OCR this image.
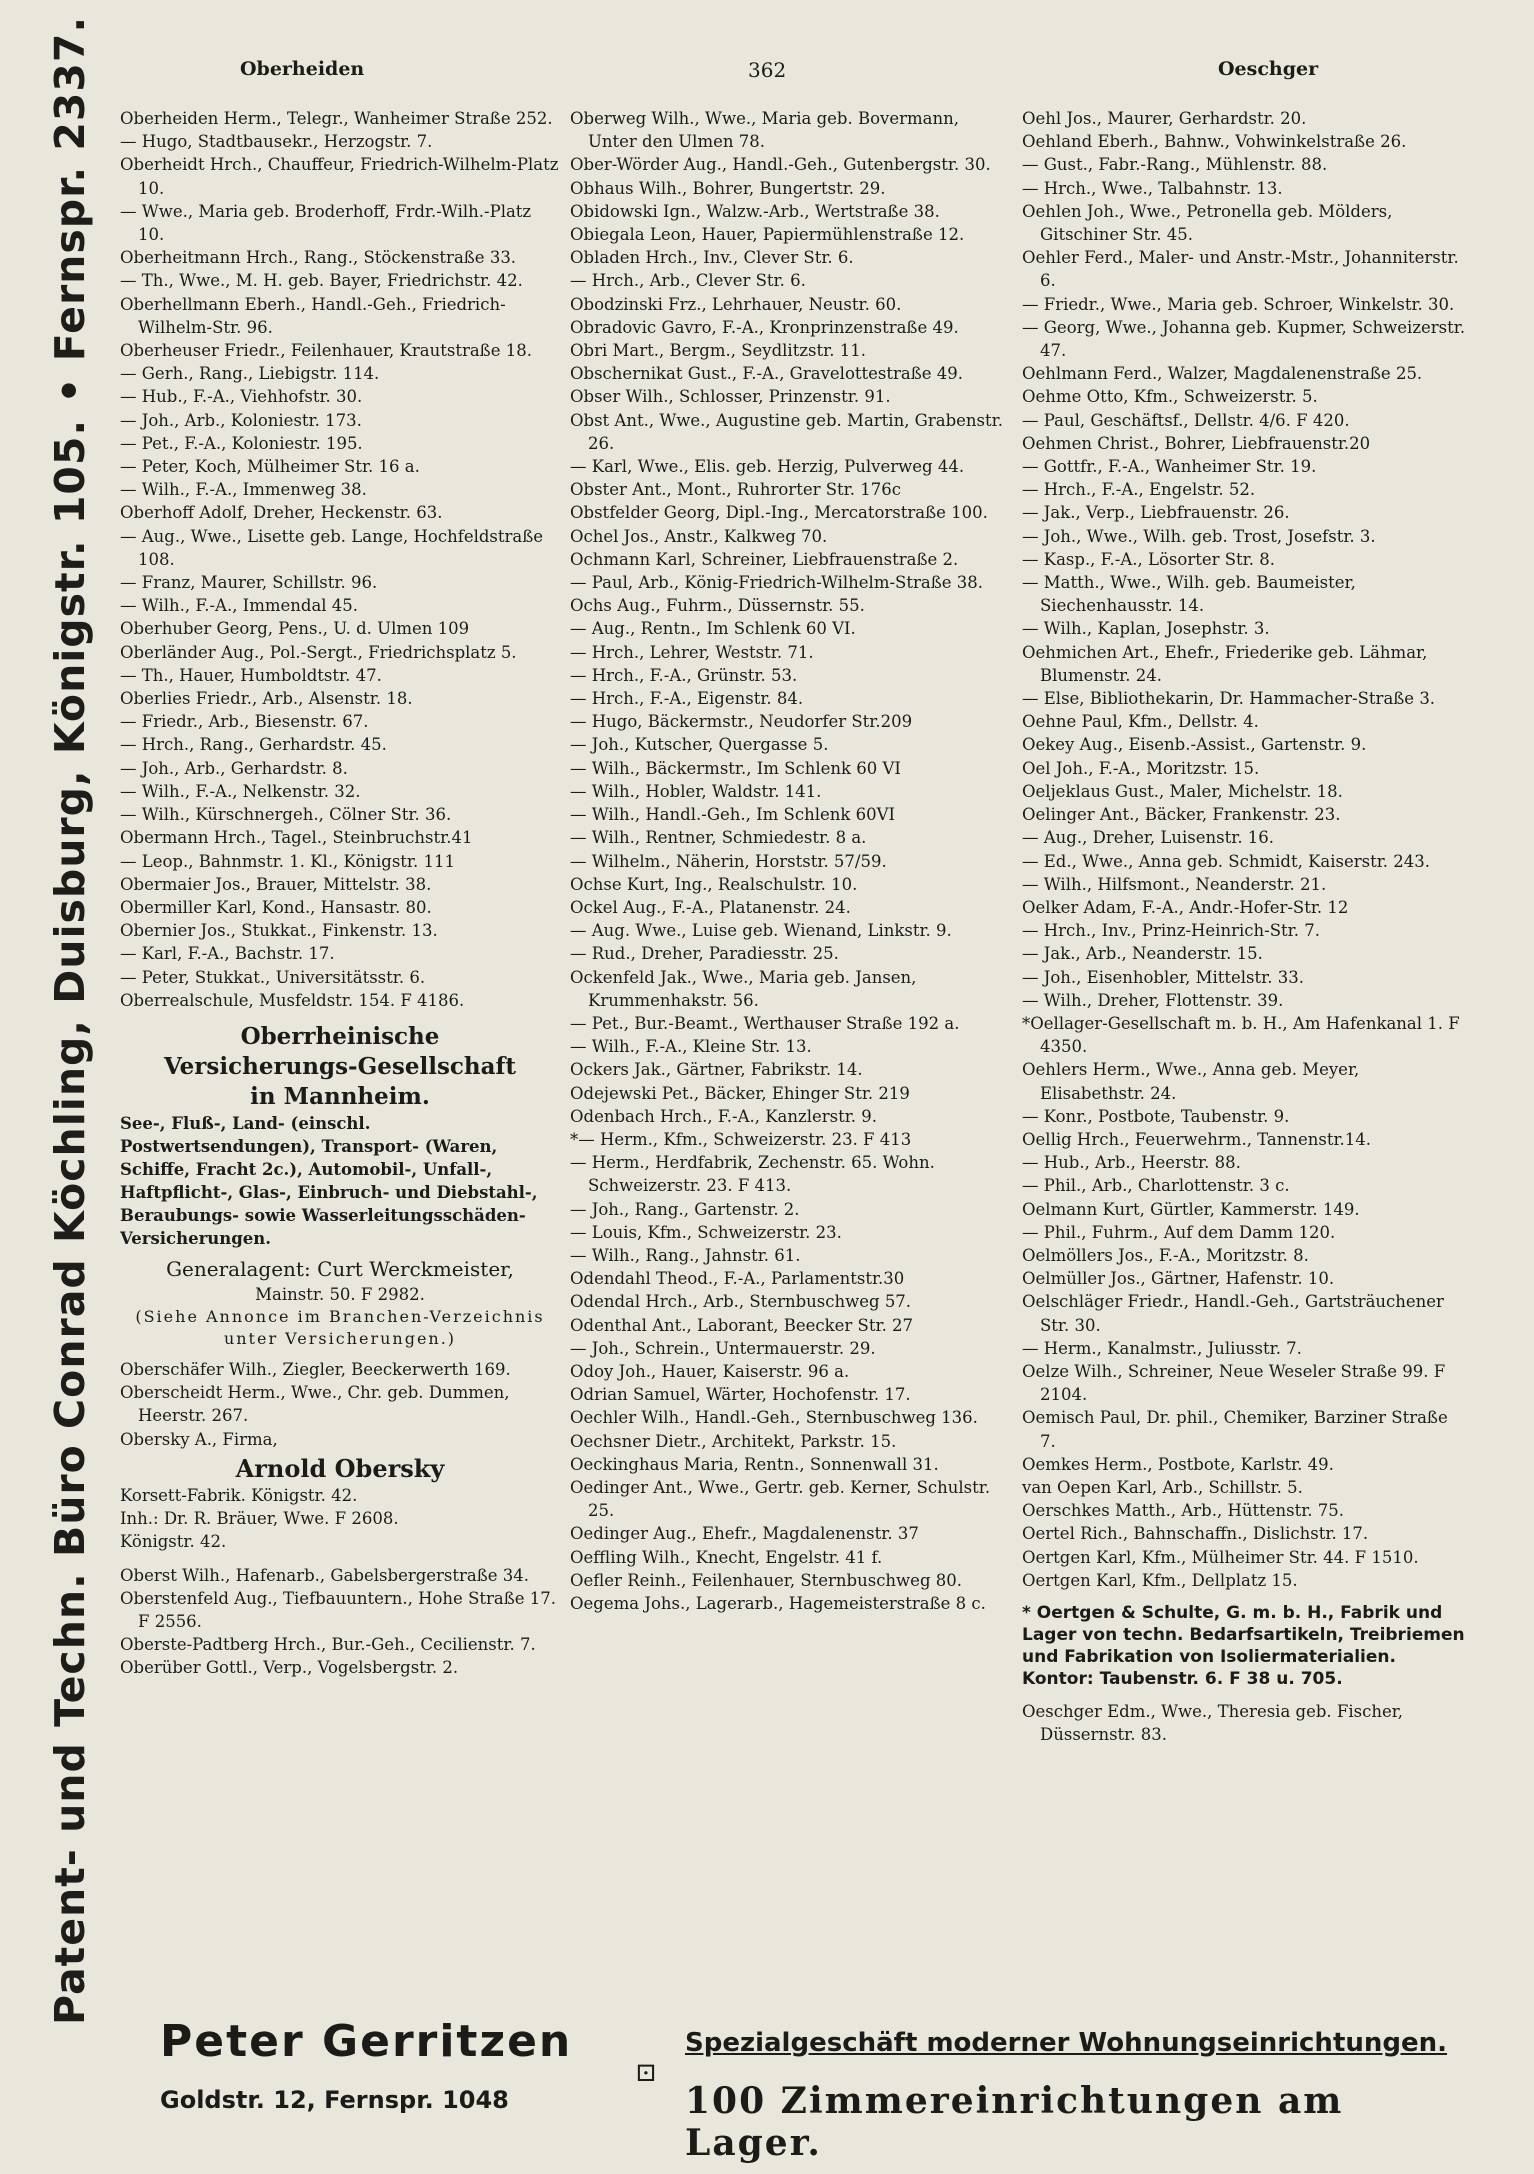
Patent- und Techn. Büro Conrad Köchling, Duisburg, Königstr. 105. • Fernspr. 2337.	Oberheiden	362	Oeschger
Oberheiden Herm., Telegr., Wanheimer Straße 252.
— Hugo, Stadtbausekr., Herzogstr. 7.
Oberheidt Hrch., Chauffeur, Friedrich-Wilhelm-Platz 10.
— Wwe., Maria geb. Broderhoff, Frdr.-Wilh.-Platz 10.
Oberheitmann Hrch., Rang., Stöckenstraße 33.
— Th., Wwe., M. H. geb. Bayer, Friedrichstr. 42.
Oberhellmann Eberh., Handl.-Geh., Friedrich-Wilhelm-Str. 96.
Oberheuser Friedr., Feilenhauer, Krautstraße 18.
— Gerh., Rang., Liebigstr. 114.
— Hub., F.-A., Viehhofstr. 30.
— Joh., Arb., Koloniestr. 173.
— Pet., F.-A., Koloniestr. 195.
— Peter, Koch, Mülheimer Str. 16 a.
— Wilh., F.-A., Immenweg 38.
Oberhoff Adolf, Dreher, Heckenstr. 63.
— Aug., Wwe., Lisette geb. Lange, Hochfeldstraße 108.
— Franz, Maurer, Schillstr. 96.
— Wilh., F.-A., Immendal 45.
Oberhuber Georg, Pens., U. d. Ulmen 109
Oberländer Aug., Pol.-Sergt., Friedrichsplatz 5.
— Th., Hauer, Humboldtstr. 47.
Oberlies Friedr., Arb., Alsenstr. 18.
— Friedr., Arb., Biesenstr. 67.
— Hrch., Rang., Gerhardstr. 45.
— Joh., Arb., Gerhardstr. 8.
— Wilh., F.-A., Nelkenstr. 32.
— Wilh., Kürschnergeh., Cölner Str. 36.
Obermann Hrch., Tagel., Steinbruchstr.41
— Leop., Bahnmstr. 1. Kl., Königstr. 111
Obermaier Jos., Brauer, Mittelstr. 38.
Obermiller Karl, Kond., Hansastr. 80.
Obernier Jos., Stukkat., Finkenstr. 13.
— Karl, F.-A., Bachstr. 17.
— Peter, Stukkat., Universitätsstr. 6.
Oberrealschule, Musfeldstr. 154. F 4186.
Oberrheinische
Versicherungs-Gesellschaft
in Mannheim.
See-, Fluß-, Land- (einschl. Postwertsendungen), Transport- (Waren, Schiffe, Fracht 2c.), Automobil-, Unfall-, Haftpflicht-, Glas-, Einbruch- und Diebstahl-, Beraubungs- sowie Wasserleitungsschäden-Versicherungen.
Generalagent: Curt Werckmeister,
Mainstr. 50. F 2982.
(Siehe Annonce im Branchen-Verzeichnis unter Versicherungen.)
Oberschäfer Wilh., Ziegler, Beeckerwerth 169.
Oberscheidt Herm., Wwe., Chr. geb. Dummen, Heerstr. 267.
Obersky A., Firma,
Arnold Obersky
Korsett-Fabrik. Königstr. 42.
Inh.: Dr. R. Bräuer, Wwe. F 2608.
Königstr. 42.
Oberst Wilh., Hafenarb., Gabelsbergerstraße 34.
Oberstenfeld Aug., Tiefbauuntern., Hohe Straße 17. F 2556.
Oberste-Padtberg Hrch., Bur.-Geh., Cecilienstr. 7.
Oberüber Gottl., Verp., Vogelsbergstr. 2.
Oberweg Wilh., Wwe., Maria geb. Bovermann, Unter den Ulmen 78.
Ober-Wörder Aug., Handl.-Geh., Gutenbergstr. 30.
Obhaus Wilh., Bohrer, Bungertstr. 29.
Obidowski Ign., Walzw.-Arb., Wertstraße 38.
Obiegala Leon, Hauer, Papiermühlenstraße 12.
Obladen Hrch., Inv., Clever Str. 6.
— Hrch., Arb., Clever Str. 6.
Obodzinski Frz., Lehrhauer, Neustr. 60.
Obradovic Gavro, F.-A., Kronprinzenstraße 49.
Obri Mart., Bergm., Seydlitzstr. 11.
Obschernikat Gust., F.-A., Gravelottestraße 49.
Obser Wilh., Schlosser, Prinzenstr. 91.
Obst Ant., Wwe., Augustine geb. Martin, Grabenstr. 26.
— Karl, Wwe., Elis. geb. Herzig, Pulverweg 44.
Obster Ant., Mont., Ruhrorter Str. 176c
Obstfelder Georg, Dipl.-Ing., Mercatorstraße 100.
Ochel Jos., Anstr., Kalkweg 70.
Ochmann Karl, Schreiner, Liebfrauenstraße 2.
— Paul, Arb., König-Friedrich-Wilhelm-Straße 38.
Ochs Aug., Fuhrm., Düssernstr. 55.
— Aug., Rentn., Im Schlenk 60 VI.
— Hrch., Lehrer, Weststr. 71.
— Hrch., F.-A., Grünstr. 53.
— Hrch., F.-A., Eigenstr. 84.
— Hugo, Bäckermstr., Neudorfer Str.209
— Joh., Kutscher, Quergasse 5.
— Wilh., Bäckermstr., Im Schlenk 60 VI
— Wilh., Hobler, Waldstr. 141.
— Wilh., Handl.-Geh., Im Schlenk 60VI
— Wilh., Rentner, Schmiedestr. 8 a.
— Wilhelm., Näherin, Horststr. 57/59.
Ochse Kurt, Ing., Realschulstr. 10.
Ockel Aug., F.-A., Platanenstr. 24.
— Aug. Wwe., Luise geb. Wienand, Linkstr. 9.
— Rud., Dreher, Paradiesstr. 25.
Ockenfeld Jak., Wwe., Maria geb. Jansen, Krummenhakstr. 56.
— Pet., Bur.-Beamt., Werthauser Straße 192 a.
— Wilh., F.-A., Kleine Str. 13.
Ockers Jak., Gärtner, Fabrikstr. 14.
Odejewski Pet., Bäcker, Ehinger Str. 219
Odenbach Hrch., F.-A., Kanzlerstr. 9.
*— Herm., Kfm., Schweizerstr. 23. F 413
— Herm., Herdfabrik, Zechenstr. 65. Wohn. Schweizerstr. 23. F 413.
— Joh., Rang., Gartenstr. 2.
— Louis, Kfm., Schweizerstr. 23.
— Wilh., Rang., Jahnstr. 61.
Odendahl Theod., F.-A., Parlamentstr.30
Odendal Hrch., Arb., Sternbuschweg 57.
Odenthal Ant., Laborant, Beecker Str. 27
— Joh., Schrein., Untermauerstr. 29.
Odoy Joh., Hauer, Kaiserstr. 96 a.
Odrian Samuel, Wärter, Hochofenstr. 17.
Oechler Wilh., Handl.-Geh., Sternbuschweg 136.
Oechsner Dietr., Architekt, Parkstr. 15.
Oeckinghaus Maria, Rentn., Sonnenwall 31.
Oedinger Ant., Wwe., Gertr. geb. Kerner, Schulstr. 25.
Oedinger Aug., Ehefr., Magdalenenstr. 37
Oeffling Wilh., Knecht, Engelstr. 41 f.
Oefler Reinh., Feilenhauer, Sternbuschweg 80.
Oegema Johs., Lagerarb., Hagemeisterstraße 8 c.
Oehl Jos., Maurer, Gerhardstr. 20.
Oehland Eberh., Bahnw., Vohwinkelstraße 26.
— Gust., Fabr.-Rang., Mühlenstr. 88.
— Hrch., Wwe., Talbahnstr. 13.
Oehlen Joh., Wwe., Petronella geb. Mölders, Gitschiner Str. 45.
Oehler Ferd., Maler- und Anstr.-Mstr., Johanniterstr. 6.
— Friedr., Wwe., Maria geb. Schroer, Winkelstr. 30.
— Georg, Wwe., Johanna geb. Kupmer, Schweizerstr. 47.
Oehlmann Ferd., Walzer, Magdalenenstraße 25.
Oehme Otto, Kfm., Schweizerstr. 5.
— Paul, Geschäftsf., Dellstr. 4/6. F 420.
Oehmen Christ., Bohrer, Liebfrauenstr.20
— Gottfr., F.-A., Wanheimer Str. 19.
— Hrch., F.-A., Engelstr. 52.
— Jak., Verp., Liebfrauenstr. 26.
— Joh., Wwe., Wilh. geb. Trost, Josefstr. 3.
— Kasp., F.-A., Lösorter Str. 8.
— Matth., Wwe., Wilh. geb. Baumeister, Siechenhausstr. 14.
— Wilh., Kaplan, Josephstr. 3.
Oehmichen Art., Ehefr., Friederike geb. Lähmar, Blumenstr. 24.
— Else, Bibliothekarin, Dr. Hammacher-Straße 3.
Oehne Paul, Kfm., Dellstr. 4.
Oekey Aug., Eisenb.-Assist., Gartenstr. 9.
Oel Joh., F.-A., Moritzstr. 15.
Oeljeklaus Gust., Maler, Michelstr. 18.
Oelinger Ant., Bäcker, Frankenstr. 23.
— Aug., Dreher, Luisenstr. 16.
— Ed., Wwe., Anna geb. Schmidt, Kaiserstr. 243.
— Wilh., Hilfsmont., Neanderstr. 21.
Oelker Adam, F.-A., Andr.-Hofer-Str. 12
— Hrch., Inv., Prinz-Heinrich-Str. 7.
— Jak., Arb., Neanderstr. 15.
— Joh., Eisenhobler, Mittelstr. 33.
— Wilh., Dreher, Flottenstr. 39.
*Oellager-Gesellschaft m. b. H., Am Hafenkanal 1. F 4350.
Oehlers Herm., Wwe., Anna geb. Meyer, Elisabethstr. 24.
— Konr., Postbote, Taubenstr. 9.
Oellig Hrch., Feuerwehrm., Tannenstr.14.
— Hub., Arb., Heerstr. 88.
— Phil., Arb., Charlottenstr. 3 c.
Oelmann Kurt, Gürtler, Kammerstr. 149.
— Phil., Fuhrm., Auf dem Damm 120.
Oelmöllers Jos., F.-A., Moritzstr. 8.
Oelmüller Jos., Gärtner, Hafenstr. 10.
Oelschläger Friedr., Handl.-Geh., Gartsträuchener Str. 30.
— Herm., Kanalmstr., Juliusstr. 7.
Oelze Wilh., Schreiner, Neue Weseler Straße 99. F 2104.
Oemisch Paul, Dr. phil., Chemiker, Barziner Straße 7.
Oemkes Herm., Postbote, Karlstr. 49.
van Oepen Karl, Arb., Schillstr. 5.
Oerschkes Matth., Arb., Hüttenstr. 75.
Oertel Rich., Bahnschaffn., Dislichstr. 17.
Oertgen Karl, Kfm., Mülheimer Str. 44. F 1510.
Oertgen Karl, Kfm., Dellplatz 15.
* Oertgen & Schulte, G. m. b. H., Fabrik und Lager von techn. Bedarfsartikeln, Treibriemen und Fabrikation von Isoliermaterialien. Kontor: Taubenstr. 6. F 38 u. 705.
Oeschger Edm., Wwe., Theresia geb. Fischer, Düssernstr. 83.
Peter Gerritzen
Goldstr. 12, Fernspr. 1048
⊡
Spezialgeschäft moderner Wohnungseinrichtungen.
100 Zimmereinrichtungen am Lager.
